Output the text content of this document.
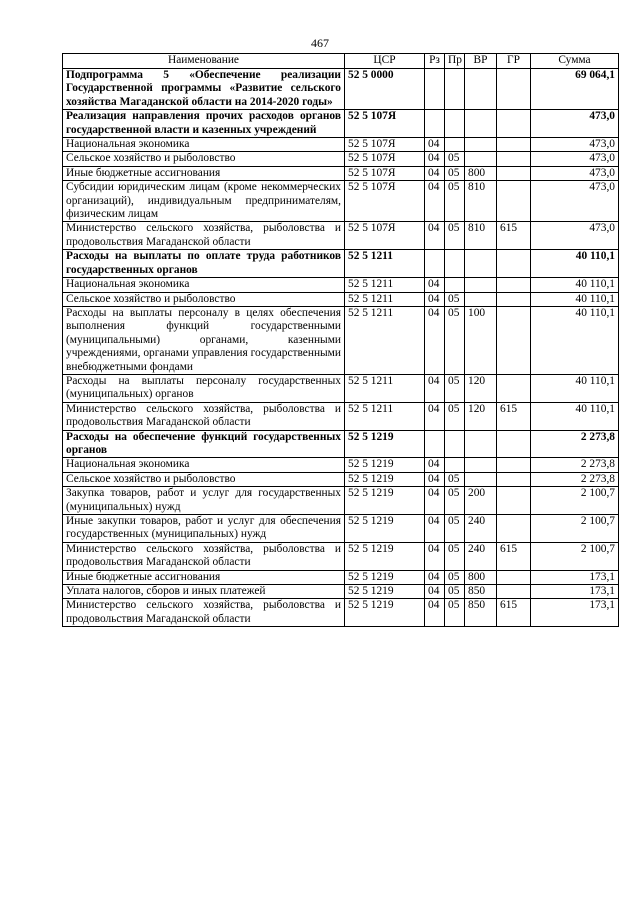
467
Наименование	ЦСР	Рз	Пр	ВР	ГР	Сумма
Подпрограмма 5 «Обеспечение реализации Государственной программы «Развитие сельского хозяйства Магаданской области на 2014-2020 годы»	52 5 0000					69 064,1
Реализация направления прочих расходов органов государственной власти и казенных учреждений	52 5 107Я					473,0
Национальная экономика	52 5 107Я	04				473,0
Сельское хозяйство и рыболовство	52 5 107Я	04	05			473,0
Иные бюджетные ассигнования	52 5 107Я	04	05	800		473,0
Субсидии юридическим лицам (кроме некоммерческих организаций), индивидуальным предпринимателям, физическим лицам	52 5 107Я	04	05	810		473,0
Министерство сельского хозяйства, рыболовства и продовольствия Магаданской области	52 5 107Я	04	05	810	615	473,0
Расходы на выплаты по оплате труда работников государственных органов	52 5 1211					40 110,1
Национальная экономика	52 5 1211	04				40 110,1
Сельское хозяйство и рыболовство	52 5 1211	04	05			40 110,1
Расходы на выплаты персоналу в целях обеспечения выполнения функций государственными (муниципальными) органами, казенными учреждениями, органами управления государственными внебюджетными фондами	52 5 1211	04	05	100		40 110,1
Расходы на выплаты персоналу государственных (муниципальных) органов	52 5 1211	04	05	120		40 110,1
Министерство сельского хозяйства, рыболовства и продовольствия Магаданской области	52 5 1211	04	05	120	615	40 110,1
Расходы на обеспечение функций государственных органов	52 5 1219					2 273,8
Национальная экономика	52 5 1219	04				2 273,8
Сельское хозяйство и рыболовство	52 5 1219	04	05			2 273,8
Закупка товаров, работ и услуг для государственных (муниципальных) нужд	52 5 1219	04	05	200		2 100,7
Иные закупки товаров, работ и услуг для обеспечения государственных (муниципальных) нужд	52 5 1219	04	05	240		2 100,7
Министерство сельского хозяйства, рыболовства и продовольствия Магаданской области	52 5 1219	04	05	240	615	2 100,7
Иные бюджетные ассигнования	52 5 1219	04	05	800		173,1
Уплата налогов, сборов и иных платежей	52 5 1219	04	05	850		173,1
Министерство сельского хозяйства, рыболовства и продовольствия Магаданской области	52 5 1219	04	05	850	615	173,1
